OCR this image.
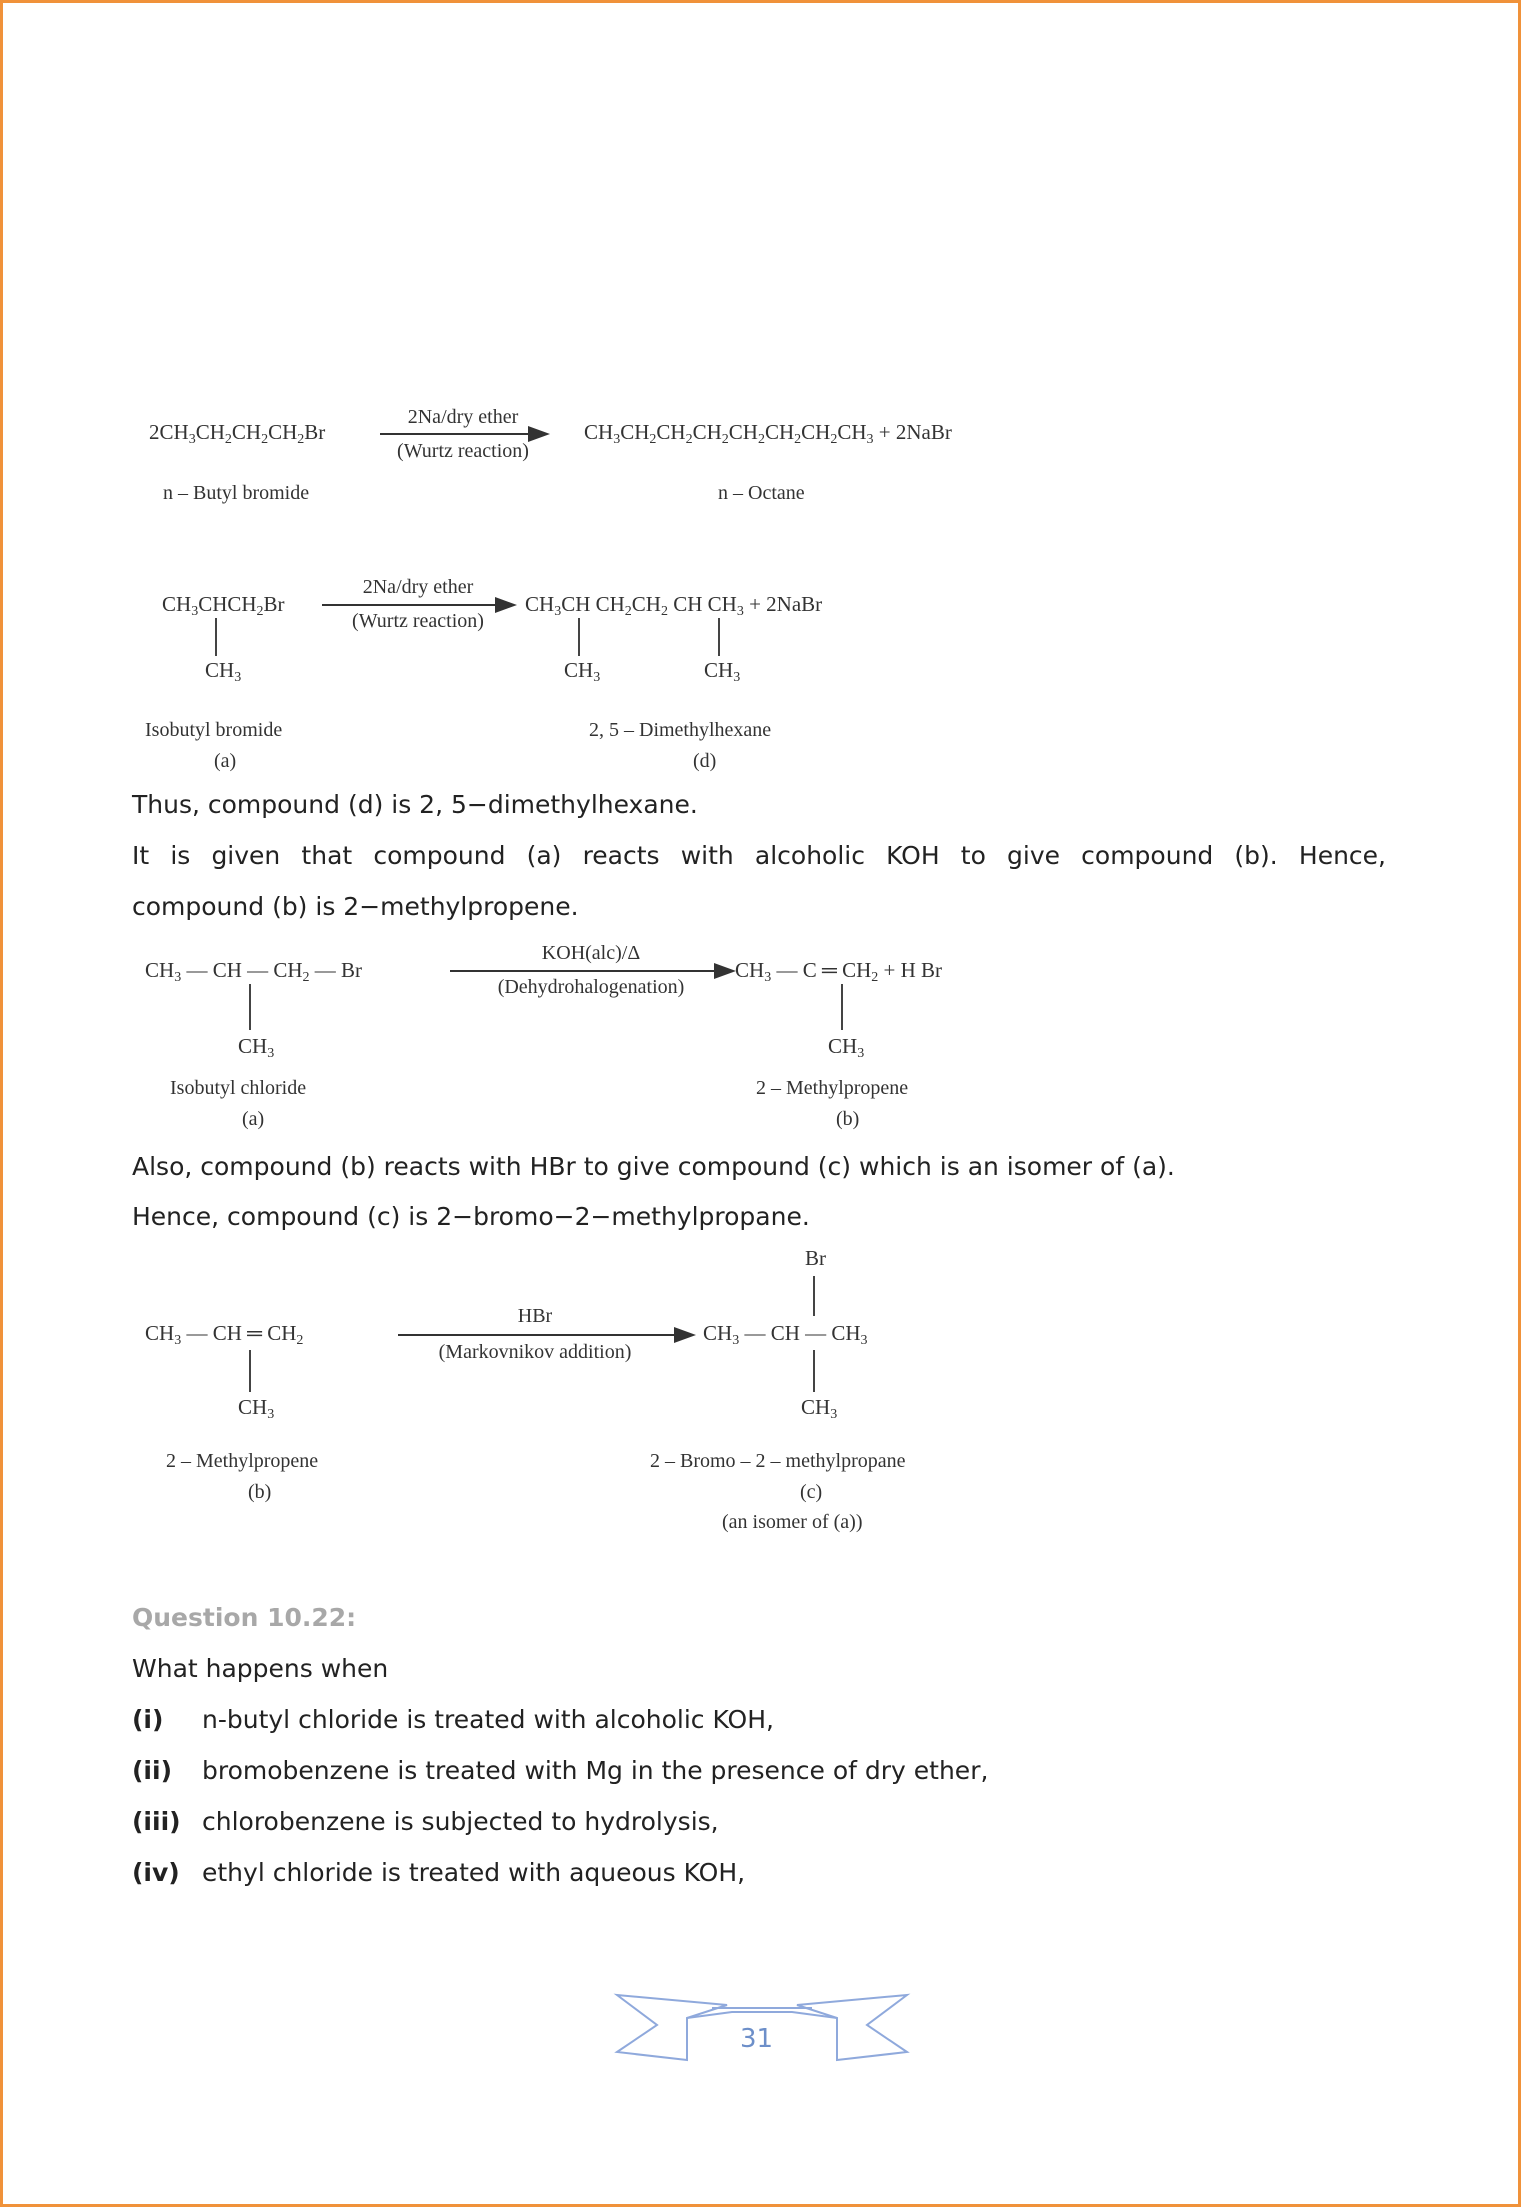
$2CH_3CH_2CH_2CH_2Br$
2Na/dry ether
(Wurtz reaction)
$CH_3CH_2CH_2CH_2CH_2CH_2CH_2CH_3$ + 2NaBr
n – Butyl bromide	n – Octane
$CH_3CHCH_2Br$
$CH_3$
2Na/dry ether
(Wurtz reaction)
$CH_3CH$ $CH_2CH_2$ CH $CH_3$ + 2NaBr
$CH_3$	$CH_3$
Isobutyl bromide
(a)
2, 5 – Dimethylhexane
(d)
Thus, compound (d) is 2, 5−dimethylhexane.
It is given that compound (a) reacts with alcoholic KOH to give compound (b). Hence,
compound (b) is 2−methylpropene.
$CH_3$ — CH — $CH_2$ — Br
$CH_3$
KOH(alc)/Δ
(Dehydrohalogenation)
$CH_3$ — C ═ $CH_2 + H$ Br
$CH_3$
Isobutyl chloride
(a)
2 – Methylpropene
(b)
Also, compound (b) reacts with HBr to give compound (c) which is an isomer of (a).
Hence, compound (c) is 2−bromo−2−methylpropane.
$CH_3$ — CH ═ $CH_2$
$CH_3$
HBr
(Markovnikov addition)
Br
$CH_3$ — CH — $CH_3$
$CH_3$
2 – Methylpropene
(b)
2 – Bromo – 2 – methylpropane
(c)
(an isomer of (a))
Question 10.22:
What happens when
(i) n-butyl chloride is treated with alcoholic KOH,
(ii) bromobenzene is treated with Mg in the presence of dry ether,
(iii) chlorobenzene is subjected to hydrolysis,
(iv) ethyl chloride is treated with aqueous KOH,
31
